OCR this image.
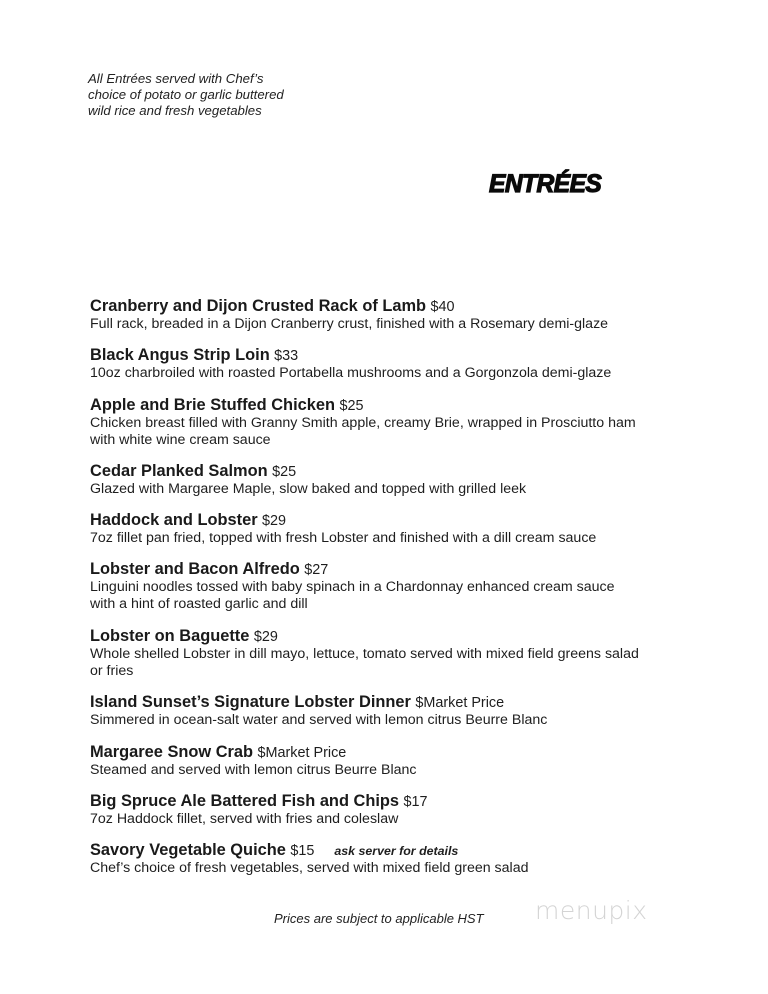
All Entrées served with Chef’s
choice of potato or garlic buttered
wild rice and fresh vegetables
ENTRÉES
Cranberry and Dijon Crusted Rack of Lamb $40
Full rack, breaded in a Dijon Cranberry crust, finished with a Rosemary demi-glaze
Black Angus Strip Loin $33
10oz charbroiled with roasted Portabella mushrooms and a Gorgonzola demi-glaze
Apple and Brie Stuffed Chicken $25
Chicken breast filled with Granny Smith apple, creamy Brie, wrapped in Prosciutto ham
with white wine cream sauce
Cedar Planked Salmon $25
Glazed with Margaree Maple, slow baked and topped with grilled leek
Haddock and Lobster $29
7oz fillet pan fried, topped with fresh Lobster and finished with a dill cream sauce
Lobster and Bacon Alfredo $27
Linguini noodles tossed with baby spinach in a Chardonnay enhanced cream sauce
with a hint of roasted garlic and dill
Lobster on Baguette $29
Whole shelled Lobster in dill mayo, lettuce, tomato served with mixed field greens salad
or fries
Island Sunset’s Signature Lobster Dinner $Market Price
Simmered in ocean-salt water and served with lemon citrus Beurre Blanc
Margaree Snow Crab $Market Price
Steamed and served with lemon citrus Beurre Blanc
Big Spruce Ale Battered Fish and Chips $17
7oz Haddock fillet, served with fries and coleslaw
Savory Vegetable Quiche $15 ask server for details
Chef’s choice of fresh vegetables, served with mixed field green salad
Prices are subject to applicable HST menupix
